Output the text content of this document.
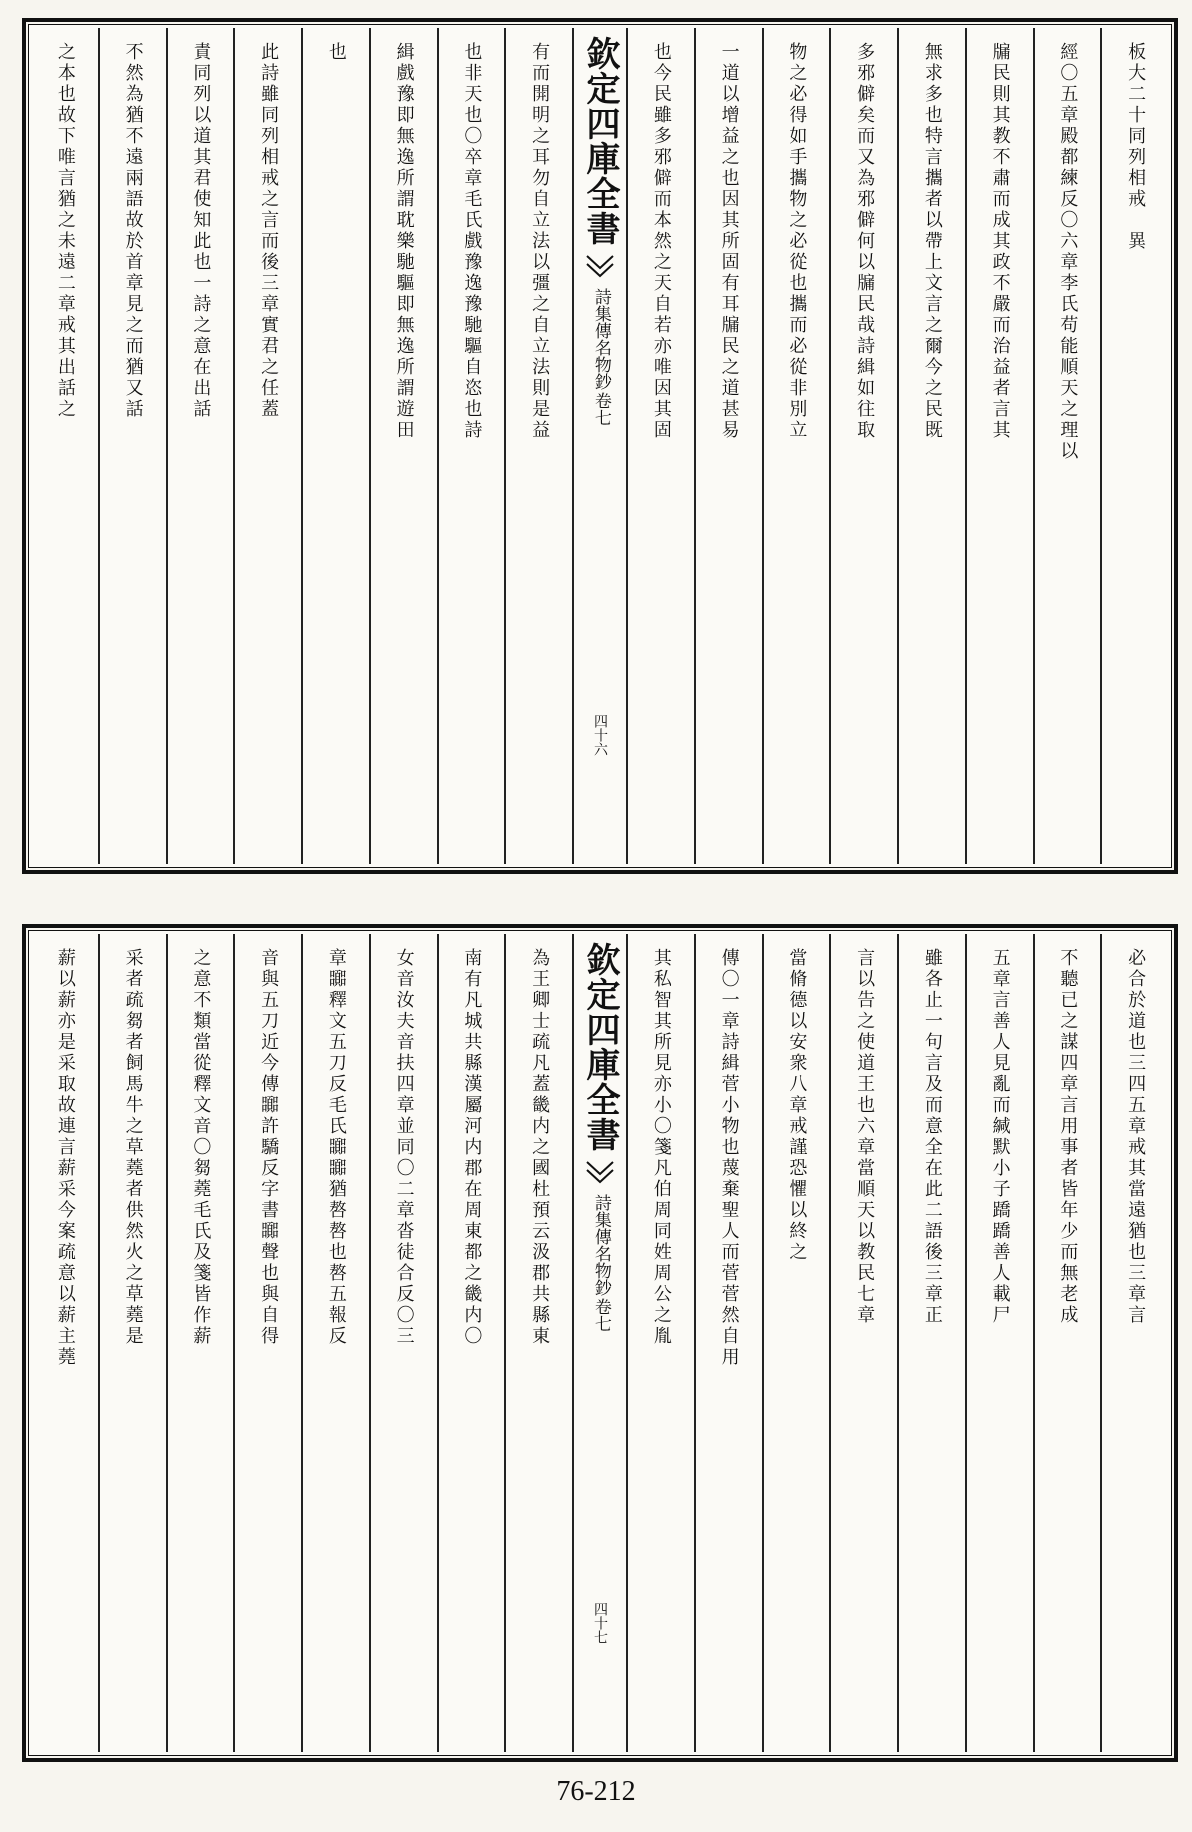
板大二十同列相戒　異
經〇五章殿都練反〇六章李氏苟能順天之理以
牖民則其教不肅而成其政不嚴而治益者言其
無求多也特言攜者以帶上文言之爾今之民既
多邪僻矣而又為邪僻何以牖民哉詩緝如往取
物之必得如手攜物之必從也攜而必從非別立
一道以增益之也因其所固有耳牖民之道甚易
也今民雖多邪僻而本然之天自若亦唯因其固
欽定四庫全書
詩集傳名物鈔
卷七
四十六
有而開明之耳勿自立法以彊之自立法則是益
也非天也〇卒章毛氏戲豫逸豫馳驅自恣也詩
緝戲豫即無逸所謂耽樂馳驅即無逸所謂遊田
也
此詩雖同列相戒之言而後三章實君之任蓋
責同列以道其君使知此也一詩之意在出話
不然為猶不遠兩語故於首章見之而猶又話
之本也故下唯言猶之未遠二章戒其出話之
必合於道也三四五章戒其當遠猶也三章言
不聽已之謀四章言用事者皆年少而無老成
五章言善人見亂而緘默小子蹻蹻善人載尸
雖各止一句言及而意全在此二語後三章正
言以告之使道王也六章當順天以教民七章
當脩德以安衆八章戒謹恐懼以終之
傳〇一章詩緝菅小物也蔑棄聖人而菅菅然自用
其私智其所見亦小〇箋凡伯周同姓周公之胤
欽定四庫全書
詩集傳名物鈔
卷七
四十七
為王卿士疏凡蓋畿内之國杜預云汲郡共縣東
南有凡城共縣漢屬河内郡在周東都之畿内〇
女音汝夫音扶四章並同〇二章沓徒合反〇三
章嚻釋文五刀反毛氏嚻嚻猶嗸嗸也嗸五報反
音與五刀近今傳嚻許驕反字書嚻聲也與自得
之意不類當從釋文音〇芻蕘毛氏及箋皆作薪
采者疏芻者飼馬牛之草蕘者供然火之草蕘是
薪以薪亦是采取故連言薪采今案疏意以薪主蕘
76-212
